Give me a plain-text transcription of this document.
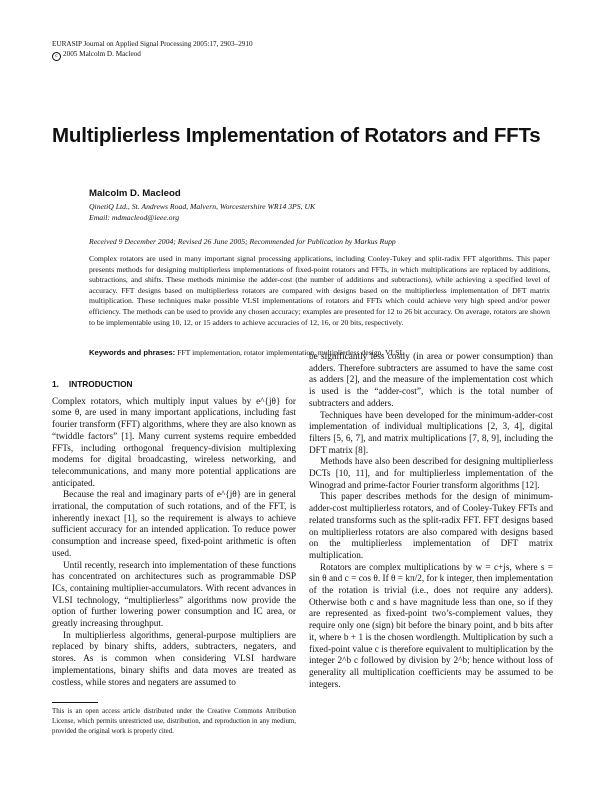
EURASIP Journal on Applied Signal Processing 2005:17, 2903–2910
c 2005 Malcolm D. Macleod
Multiplierless Implementation of Rotators and FFTs
Malcolm D. Macleod
QinetiQ Ltd., St. Andrews Road, Malvern, Worcestershire WR14 3PS, UK
Email: mdmacleod@ieee.org
Received 9 December 2004; Revised 26 June 2005; Recommended for Publication by Markus Rupp

Complex rotators are used in many important signal processing applications, including Cooley-Tukey and split-radix FFT algorithms. This paper presents methods for designing multiplierless implementations of fixed-point rotators and FFTs, in which multiplications are replaced by additions, subtractions, and shifts. These methods minimise the adder-cost (the number of additions and subtractions), while achieving a specified level of accuracy. FFT designs based on multiplierless rotators are compared with designs based on the multiplierless implementation of DFT matrix multiplication. These techniques make possible VLSI implementations of rotators and FFTs which could achieve very high speed and/or power efficiency. The methods can be used to provide any chosen accuracy; examples are presented for 12 to 26 bit accuracy. On average, rotators are shown to be implementable using 10, 12, or 15 adders to achieve accuracies of 12, 16, or 20 bits, respectively.

Keywords and phrases: FFT implementation, rotator implementation, multiplierless design, VLSI.

1. INTRODUCTION

Complex rotators, which multiply input values by e^{jθ} for some θ, are used in many important applications, including fast fourier transform (FFT) algorithms, where they are also known as “twiddle factors” [1]. Many current systems require embedded FFTs, including orthogonal frequency-division multiplexing modems for digital broadcasting, wireless networking, and telecommunications, and many more potential applications are anticipated.

Because the real and imaginary parts of e^{jθ} are in general irrational, the computation of such rotations, and of the FFT, is inherently inexact [1], so the requirement is always to achieve sufficient accuracy for an intended application. To reduce power consumption and increase speed, fixed-point arithmetic is often used.

Until recently, research into implementation of these functions has concentrated on architectures such as programmable DSP ICs, containing multiplier-accumulators. With recent advances in VLSI technology, “multiplierless” algorithms now provide the option of further lowering power consumption and IC area, or greatly increasing throughput.

In multiplierless algorithms, general-purpose multipliers are replaced by binary shifts, adders, subtracters, negaters, and stores. As is common when considering VLSI hardware implementations, binary shifts and data moves are treated as costless, while stores and negaters are assumed to

This is an open access article distributed under the Creative Commons Attribution License, which permits unrestricted use, distribution, and reproduction in any medium, provided the original work is properly cited.

be significantly less costly (in area or power consumption) than adders. Therefore subtracters are assumed to have the same cost as adders [2], and the measure of the implementation cost which is used is the “adder-cost”, which is the total number of subtracters and adders.

Techniques have been developed for the minimum-adder-cost implementation of individual multiplications [2, 3, 4], digital filters [5, 6, 7], and matrix multiplications [7, 8, 9], including the DFT matrix [8].

Methods have also been described for designing multiplierless DCTs [10, 11], and for multiplierless implementation of the Winograd and prime-factor Fourier transform algorithms [12].

This paper describes methods for the design of minimum-adder-cost multiplierless rotators, and of Cooley-Tukey FFTs and related transforms such as the split-radix FFT. FFT designs based on multiplierless rotators are also compared with designs based on the multiplierless implementation of DFT matrix multiplication.

Rotators are complex multiplications by w = c+js, where s = sin θ and c = cos θ. If θ = kπ/2, for k integer, then implementation of the rotation is trivial (i.e., does not require any adders). Otherwise both c and s have magnitude less than one, so if they are represented as fixed-point two’s-complement values, they require only one (sign) bit before the binary point, and b bits after it, where b + 1 is the chosen wordlength. Multiplication by such a fixed-point value c is therefore equivalent to multiplication by the integer 2^b c followed by division by 2^b; hence without loss of generality all multiplication coefficients may be assumed to be integers.
